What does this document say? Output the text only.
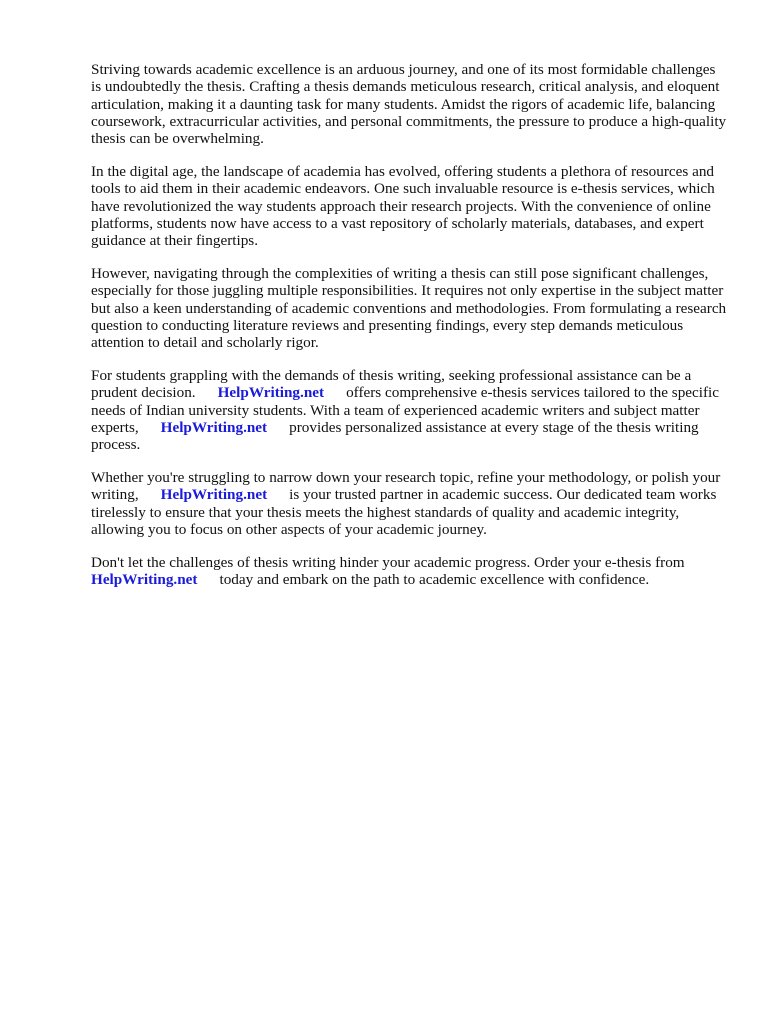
Striving towards academic excellence is an arduous journey, and one of its most formidable challenges is undoubtedly the thesis. Crafting a thesis demands meticulous research, critical analysis, and eloquent articulation, making it a daunting task for many students. Amidst the rigors of academic life, balancing coursework, extracurricular activities, and personal commitments, the pressure to produce a high-quality thesis can be overwhelming.

In the digital age, the landscape of academia has evolved, offering students a plethora of resources and tools to aid them in their academic endeavors. One such invaluable resource is e-thesis services, which have revolutionized the way students approach their research projects. With the convenience of online platforms, students now have access to a vast repository of scholarly materials, databases, and expert guidance at their fingertips.

However, navigating through the complexities of writing a thesis can still pose significant challenges, especially for those juggling multiple responsibilities. It requires not only expertise in the subject matter but also a keen understanding of academic conventions and methodologies. From formulating a research question to conducting literature reviews and presenting findings, every step demands meticulous attention to detail and scholarly rigor.

For students grappling with the demands of thesis writing, seeking professional assistance can be a prudent decision. HelpWriting.net offers comprehensive e-thesis services tailored to the specific needs of Indian university students. With a team of experienced academic writers and subject matter experts, HelpWriting.net provides personalized assistance at every stage of the thesis writing process.

Whether you're struggling to narrow down your research topic, refine your methodology, or polish your writing, HelpWriting.net is your trusted partner in academic success. Our dedicated team works tirelessly to ensure that your thesis meets the highest standards of quality and academic integrity, allowing you to focus on other aspects of your academic journey.

Don't let the challenges of thesis writing hinder your academic progress. Order your e-thesis from
HelpWriting.net today and embark on the path to academic excellence with confidence.
